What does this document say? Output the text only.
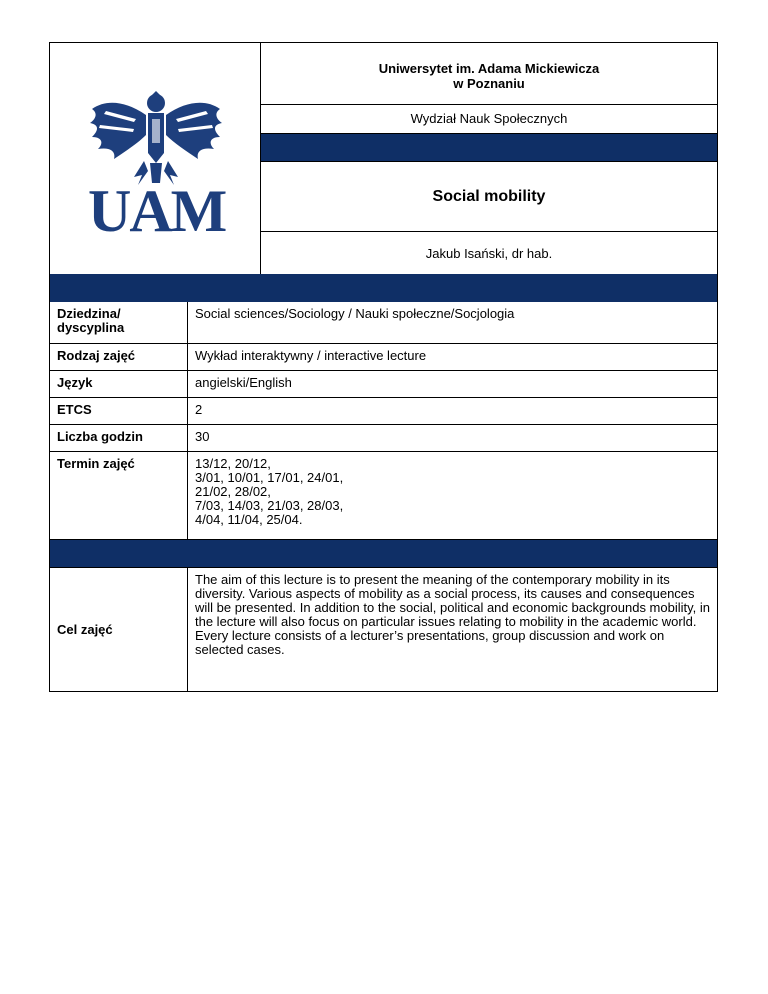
UAM
Uniwersytet im. Adama Mickiewicza
w Poznaniu
Wydział Nauk Społecznych
Social mobility
Jakub Isański, dr hab.
Dziedzina/
dyscyplina	Social sciences/Sociology / Nauki społeczne/Socjologia
Rodzaj zajęć	Wykład interaktywny / interactive lecture
Język	angielski/English
ETCS	2
Liczba godzin	30
Termin zajęć	13/12, 20/12,
3/01, 10/01, 17/01, 24/01,
21/02, 28/02,
7/03, 14/03, 21/03, 28/03,
4/04, 11/04, 25/04.

Cel zajęć	The aim of this lecture is to present the meaning of the contemporary mobility in its diversity. Various aspects of mobility as a social process, its causes and consequences will be presented. In addition to the social, political and economic backgrounds mobility, in the lecture will also focus on particular issues relating to mobility in the academic world. Every lecture consists of a lecturer’s presentations, group discussion and work on selected cases.
